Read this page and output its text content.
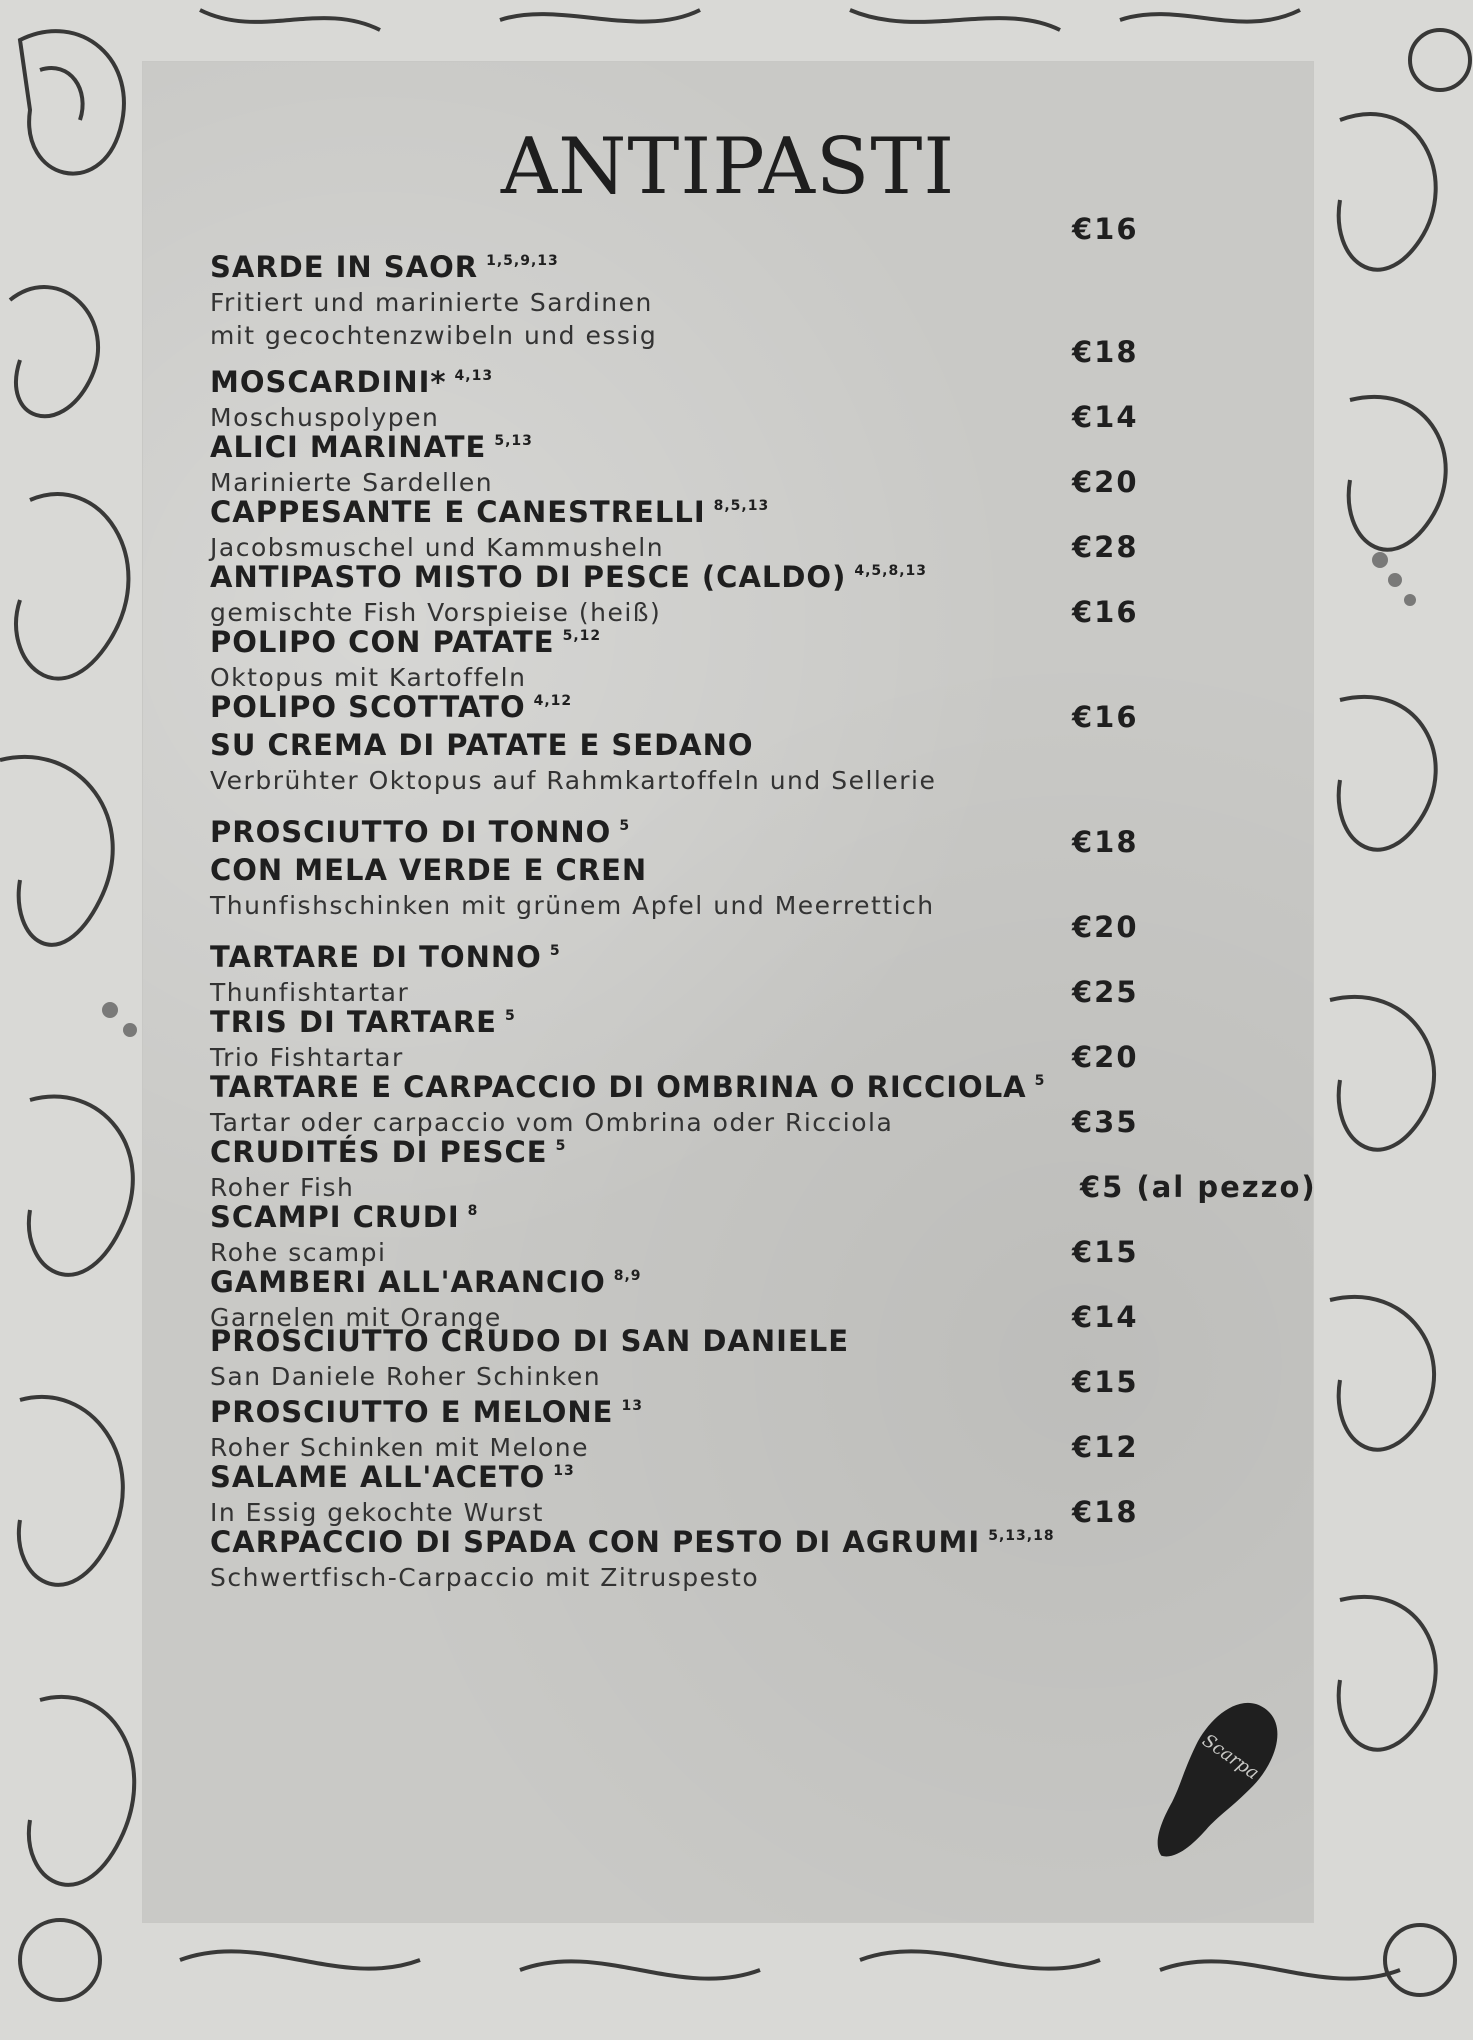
ANTIPASTI
SARDE IN SAOR $^{1,5,9,13}$
Fritiert und marinierte Sardinen
mit gecochtenzwibeln und essig
€16
MOSCARDINI* $^{4,13}$
Moschuspolypen
€18
ALICI MARINATE $^{5,13}$
Marinierte Sardellen
€14
CAPPESANTE E CANESTRELLI $^{8,5,13}$
Jacobsmuschel und Kammusheln
€20
ANTIPASTO MISTO DI PESCE (CALDO) $^{4,5,8,13}$
gemischte Fish Vorspieise (heiß)
€28
POLIPO CON PATATE $^{5,12}$
Oktopus mit Kartoffeln
€16
POLIPO SCOTTATO $^{4,12}$
SU CREMA DI PATATE E SEDANO
Verbrühter Oktopus auf Rahmkartoffeln und Sellerie
€16
PROSCIUTTO DI TONNO $^5$
CON MELA VERDE E CREN
Thunfishschinken mit grünem Apfel und Meerrettich
€18
TARTARE DI TONNO $^5$
Thunfishtartar
€20
TRIS DI TARTARE $^5$
Trio Fishtartar
€25
TARTARE E CARPACCIO DI OMBRINA O RICCIOLA $^5$
Tartar oder carpaccio vom Ombrina oder Ricciola
€20
CRUDITÉS DI PESCE $^5$
Roher Fish
€35
SCAMPI CRUDI $^8$
Rohe scampi
€5 (al pezzo)
GAMBERI ALL'ARANCIO $^{8,9}$
Garnelen mit Orange
€15
PROSCIUTTO CRUDO DI SAN DANIELE
San Daniele Roher Schinken
€14
PROSCIUTTO E MELONE $^{13}$
Roher Schinken mit Melone
€15
SALAME ALL'ACETO $^{13}$
In Essig gekochte Wurst
€12
CARPACCIO DI SPADA CON PESTO DI AGRUMI $^{5,13,18}$
Schwertfisch-Carpaccio mit Zitruspesto
€18
Scarpa
